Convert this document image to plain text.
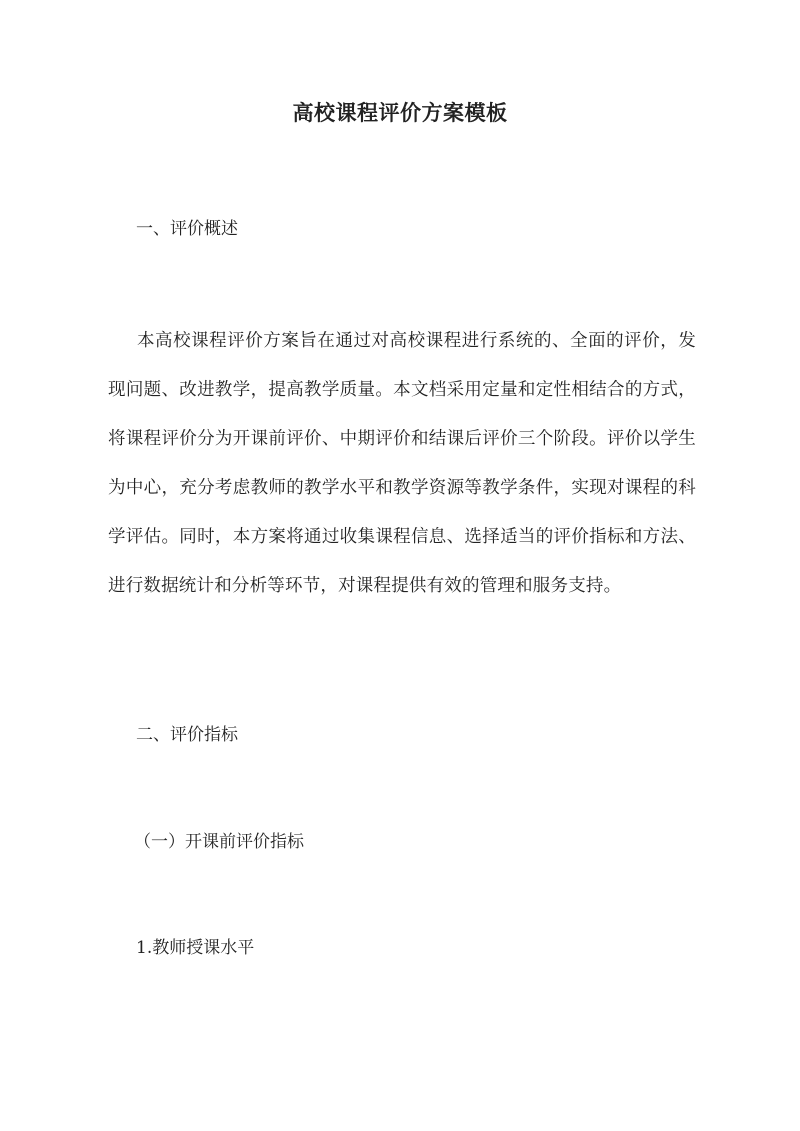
高校课程评价方案模板
一、评价概述
本高校课程评价方案旨在通过对高校课程进行系统的、全面的评价，发现问题、改进教学，提高教学质量。本文档采用定量和定性相结合的方式，将课程评价分为开课前评价、中期评价和结课后评价三个阶段。评价以学生为中心，充分考虑教师的教学水平和教学资源等教学条件，实现对课程的科学评估。同时，本方案将通过收集课程信息、选择适当的评价指标和方法、进行数据统计和分析等环节，对课程提供有效的管理和服务支持。
二、评价指标
（一）开课前评价指标
1.教师授课水平
